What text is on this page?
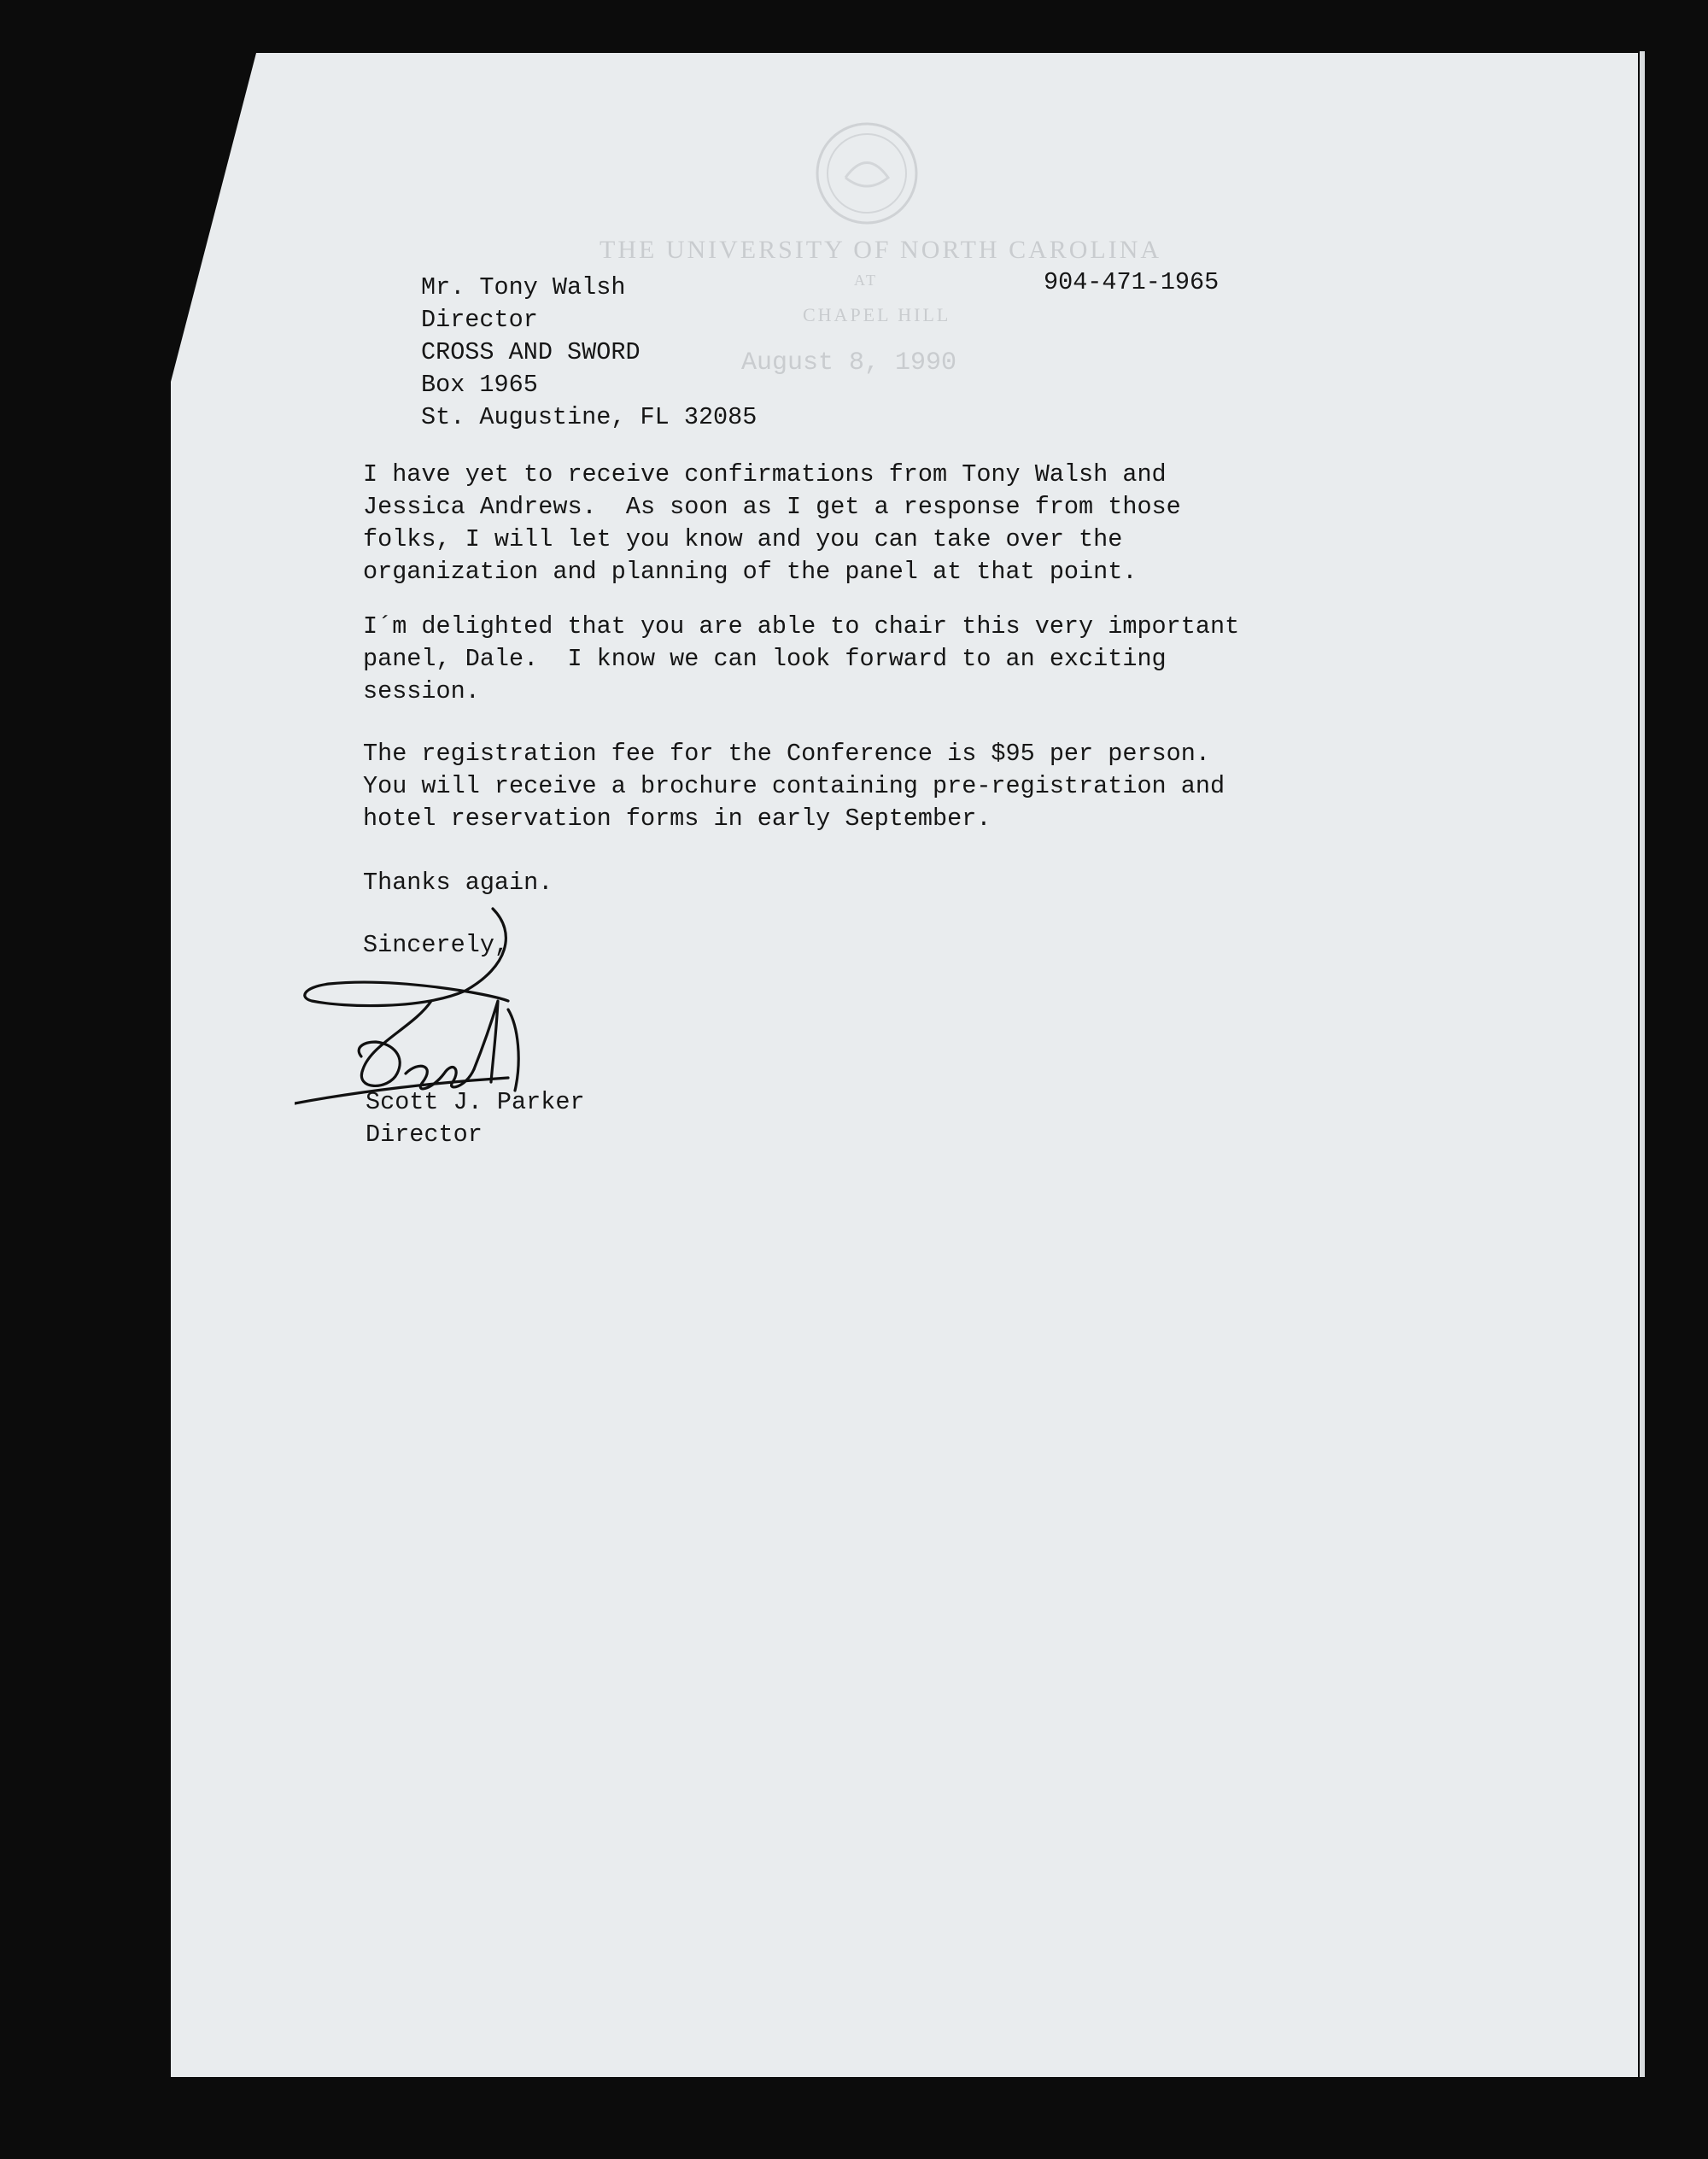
THE UNIVERSITY OF NORTH CAROLINA
AT
CHAPEL HILL
August 8, 1990
904-471-1965
Mr. Tony Walsh
Director
CROSS AND SWORD
Box 1965
St. Augustine, FL 32085
I have yet to receive confirmations from Tony Walsh and
Jessica Andrews.  As soon as I get a response from those
folks, I will let you know and you can take over the
organization and planning of the panel at that point.
I´m delighted that you are able to chair this very important
panel, Dale.  I know we can look forward to an exciting
session.
The registration fee for the Conference is $95 per person.
You will receive a brochure containing pre-registration and
hotel reservation forms in early September.
Thanks again.
Sincerely,
Scott J. Parker
Director
